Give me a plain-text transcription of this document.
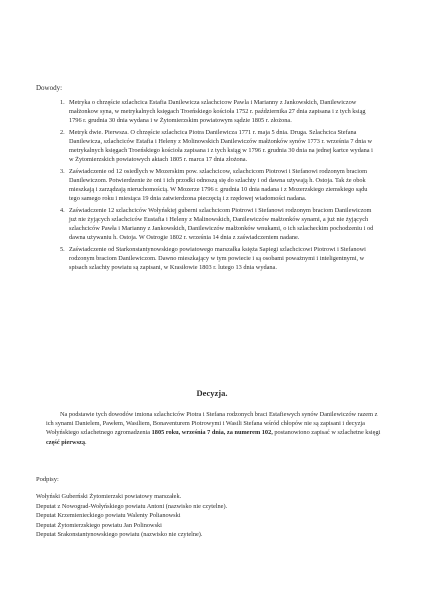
Dowody:
1. Metryka o chrzęście szlachcica Estafia Danilewicza szlachcicow Pawla i Marianny z Jankowskich, Danilewiczow małżonkow syna, w metrykalnych księgach Troeńskiego kościoła 1752 r. października 27 dnia zapisana i z tych ksiąg 1796 r. grudnia 30 dnia wydana i w Żytomierzskim powiatowym sądzie 1805 r. złożona.
2. Metryk dwie. Pierwsza. O chrzęście szlachcica Piotra Danilewicza 1771 r. maja 5 dnia. Druga. Szlachcica Stefana Danilewicza, szlachciców Estafia i Heleny z Molinowskich Danilewiczów małżonków synów 1773 r. września 7 dnia w metrykalnych księgach Troeńskiego kościoła zapisana i z tych ksiąg w 1796 r. grudnia 30 dnia na jednej kartce wydana i w Żytomierzskich powiatowych aktach 1805 r. marca 17 dnia złożona.
3. Zaświadczenie od 12 osiedlych w Mozerskim pow. szlachcicow, szlachcicom Piotrowi i Stefanowi rodzonym braciom Danilewiczom. Potwierdzenie że oni i ich przodki odnoszą się do szlachty i od dawna używają h. Ostoja. Tak że obok mieszkają i zarządzają nieruchomością. W Mozerze 1796 r. grudnia 10 dnia nadana i z Mozerzskiego ziemskiego sądu tego samego roku i miesiąca 19 dnia zatwierdzona pieczęcią i z rzędowej wiadomości nadana.
4. Zaświadczenie 12 szlachciców Wołyńskiej guberni szlachcicom Piotrowi i Stefanowi rodzonym braciom Danilewiczom już nie żyjących szlachciców Eustafia i Heleny z Malinowskich, Danilewiczów małżonków synami, a już nie żyjących szlachciców Pawła i Marianny z Jankowskich, Danilewiczów małżonków wnukami, o ich szlacheckim pochodzeniu i od dawna używaniu h. Ostoja. W Ostrogie 1802 r. września 14 dnia z zaświadczeniem nadane.
5. Zaświadczenie od Starkonstantynowskiego powiatowego marszałka księża Sapiegi szlachcicowi Piotrowi i Stefanowi rodzonym braciom Danilewiczom. Dawno mieszkający w tym powiecie i są osobami poważnymi i inteligentnymi, w spisach szlachty powiatu są zapisani, w Krasiłowie 1803 r. lutego 13 dnia wydana.
Decyzja.

Na podstawie tych dowodów imiona szlachciców Piotra i Stefana rodzonych braci Estafiewych synów Danilewiczów razem z ich synami Danielem, Pawłem, Wasiliem, Bonaventurem Piotrowymi i Wasili Stefana wśród chłopów nie są zapisani i decyzja Wołyńskiego szlachetnego zgromadzenia 1805 roku, września 7 dnia, za numerem 102, postanowiono zapisać w szlachetne księgi część pierwszą.

Podpisy:
Wołyński Guberński Żytomierzski powiatowy marszałek.
Deputat z Nowograd-Wołyńskiego powiatu Antoni (nazwisko nie czytelne).
Deputat Krzemienieckiego powiatu Walenty Polianowski
Deputat Żytomierzskiego powiatu Jan Polinowski
Deputat Srakonstantynowskiego powiatu (nazwisko nie czytelne).
